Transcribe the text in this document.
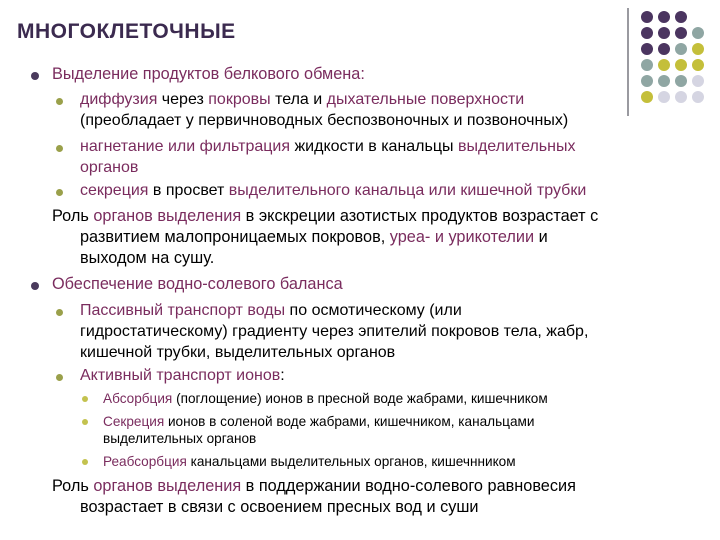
МНОГОКЛЕТОЧНЫЕ
Выделение продуктов белкового обмена:
диффузия через покровы тела и дыхательные поверхности
(преобладает у первичноводных беспозвоночных и позвоночных)
нагнетание или фильтрация жидкости в канальцы выделительных
органов
секреция в просвет выделительного канальца или кишечной трубки
Роль органов выделения в экскреции азотистых продуктов возрастает с
развитием малопроницаемых покровов, уреа- и урикотелии и
выходом на сушу.
Обеспечение водно-солевого баланса
Пассивный транспорт воды по осмотическому (или
гидростатическому) градиенту через эпителий покровов тела, жабр,
кишечной трубки, выделительных органов
Активный транспорт ионов:
Абсорбция (поглощение) ионов в пресной воде жабрами, кишечником
Секреция ионов в соленой воде жабрами, кишечником, канальцами
выделительных органов
Реабсорбция канальцами выделительных органов, кишечнником
Роль органов выделения в поддержании водно-солевого равновесия
возрастает в связи с освоением пресных вод и суши
